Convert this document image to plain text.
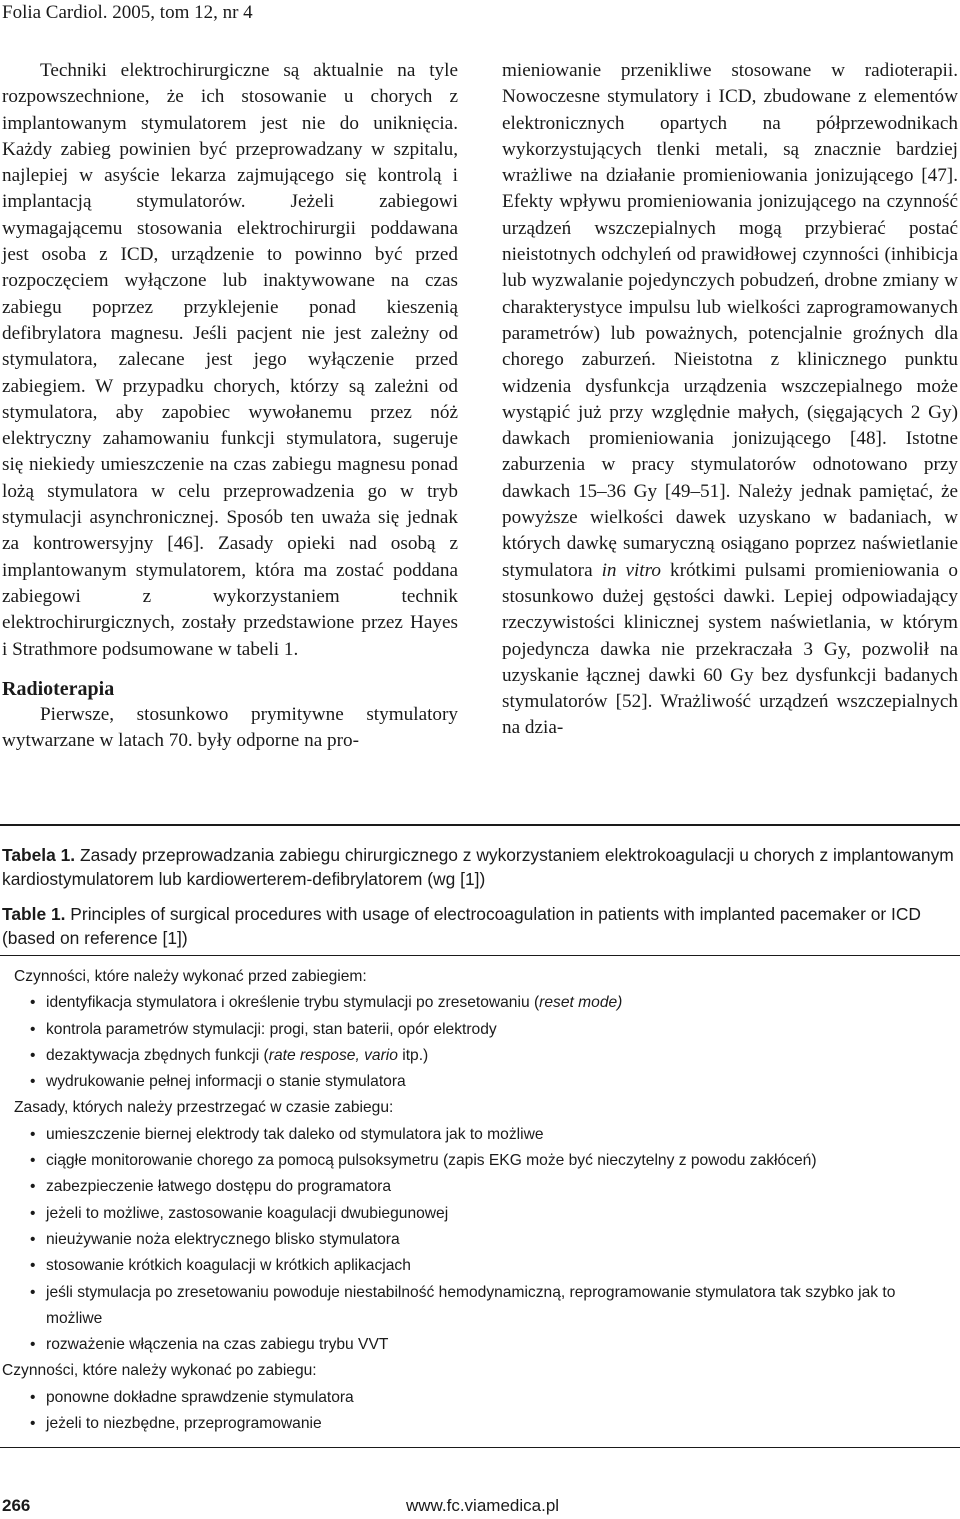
Folia Cardiol. 2005, tom 12, nr 4

Techniki elektrochirurgiczne są aktualnie na tyle rozpowszechnione, że ich stosowanie u chorych z implantowanym stymulatorem jest nie do uniknięcia. Każdy zabieg powinien być przeprowadzany w szpitalu, najlepiej w asyście lekarza zajmującego się kontrolą i implantacją stymulatorów. Jeżeli zabiegowi wymagającemu stosowania elektrochirurgii poddawana jest osoba z ICD, urządzenie to powinno być przed rozpoczęciem wyłączone lub inaktywowane na czas zabiegu poprzez przyklejenie ponad kieszenią defibrylatora magnesu. Jeśli pacjent nie jest zależny od stymulatora, zalecane jest jego wyłączenie przed zabiegiem. W przypadku chorych, którzy są zależni od stymulatora, aby zapobiec wywołanemu przez nóż elektryczny zahamowaniu funkcji stymulatora, sugeruje się niekiedy umieszczenie na czas zabiegu magnesu ponad lożą stymulatora w celu przeprowadzenia go w tryb stymulacji asynchronicznej. Sposób ten uważa się jednak za kontrowersyjny [46]. Zasady opieki nad osobą z implantowanym stymulatorem, która ma zostać poddana zabiegowi z wykorzystaniem technik elektrochirurgicznych, zostały przedstawione przez Hayes i Strathmore podsumowane w tabeli 1.

Radioterapia

Pierwsze, stosunkowo prymitywne stymulatory wytwarzane w latach 70. były odporne na pro-

mieniowanie przenikliwe stosowane w radioterapii. Nowoczesne stymulatory i ICD, zbudowane z elementów elektronicznych opartych na półprzewodnikach wykorzystujących tlenki metali, są znacznie bardziej wrażliwe na działanie promieniowania jonizującego [47]. Efekty wpływu promieniowania jonizującego na czynność urządzeń wszczepialnych mogą przybierać postać nieistotnych odchyleń od prawidłowej czynności (inhibicja lub wyzwalanie pojedynczych pobudzeń, drobne zmiany w charakterystyce impulsu lub wielkości zaprogramowanych parametrów) lub poważnych, potencjalnie groźnych dla chorego zaburzeń. Nieistotna z klinicznego punktu widzenia dysfunkcja urządzenia wszczepialnego może wystąpić już przy względnie małych, (sięgających 2 Gy) dawkach promieniowania jonizującego [48]. Istotne zaburzenia w pracy stymulatorów odnotowano przy dawkach 15–36 Gy [49–51]. Należy jednak pamiętać, że powyższe wielkości dawek uzyskano w badaniach, w których dawkę sumaryczną osiągano poprzez naświetlanie stymulatora in vitro krótkimi pulsami promieniowania o stosunkowo dużej gęstości dawki. Lepiej odpowiadający rzeczywistości klinicznej system naświetlania, w którym pojedyncza dawka nie przekraczała 3 Gy, pozwolił na uzyskanie łącznej dawki 60 Gy bez dysfunkcji badanych stymulatorów [52]. Wrażliwość urządzeń wszczepialnych na dzia-

Tabela 1. Zasady przeprowadzania zabiegu chirurgicznego z wykorzystaniem elektrokoagulacji u chorych z implantowanym kardiostymulatorem lub kardiowerterem-defibrylatorem (wg [1])

Table 1. Principles of surgical procedures with usage of electrocoagulation in patients with implanted pacemaker or ICD (based on reference [1])

Czynności, które należy wykonać przed zabiegiem:
• identyfikacja stymulatora i określenie trybu stymulacji po zresetowaniu (reset mode)
• kontrola parametrów stymulacji: progi, stan baterii, opór elektrody
• dezaktywacja zbędnych funkcji (rate respose, vario itp.)
• wydrukowanie pełnej informacji o stanie stymulatora
Zasady, których należy przestrzegać w czasie zabiegu:
• umieszczenie biernej elektrody tak daleko od stymulatora jak to możliwe
• ciągłe monitorowanie chorego za pomocą pulsoksymetru (zapis EKG może być nieczytelny z powodu zakłóceń)
• zabezpieczenie łatwego dostępu do programatora
• jeżeli to możliwe, zastosowanie koagulacji dwubiegunowej
• nieużywanie noża elektrycznego blisko stymulatora
• stosowanie krótkich koagulacji w krótkich aplikacjach
• jeśli stymulacja po zresetowaniu powoduje niestabilność hemodynamiczną, reprogramowanie stymulatora tak szybko jak to możliwe
• rozważenie włączenia na czas zabiegu trybu VVT
Czynności, które należy wykonać po zabiegu:
• ponowne dokładne sprawdzenie stymulatora
• jeżeli to niezbędne, przeprogramowanie
266	www.fc.viamedica.pl
